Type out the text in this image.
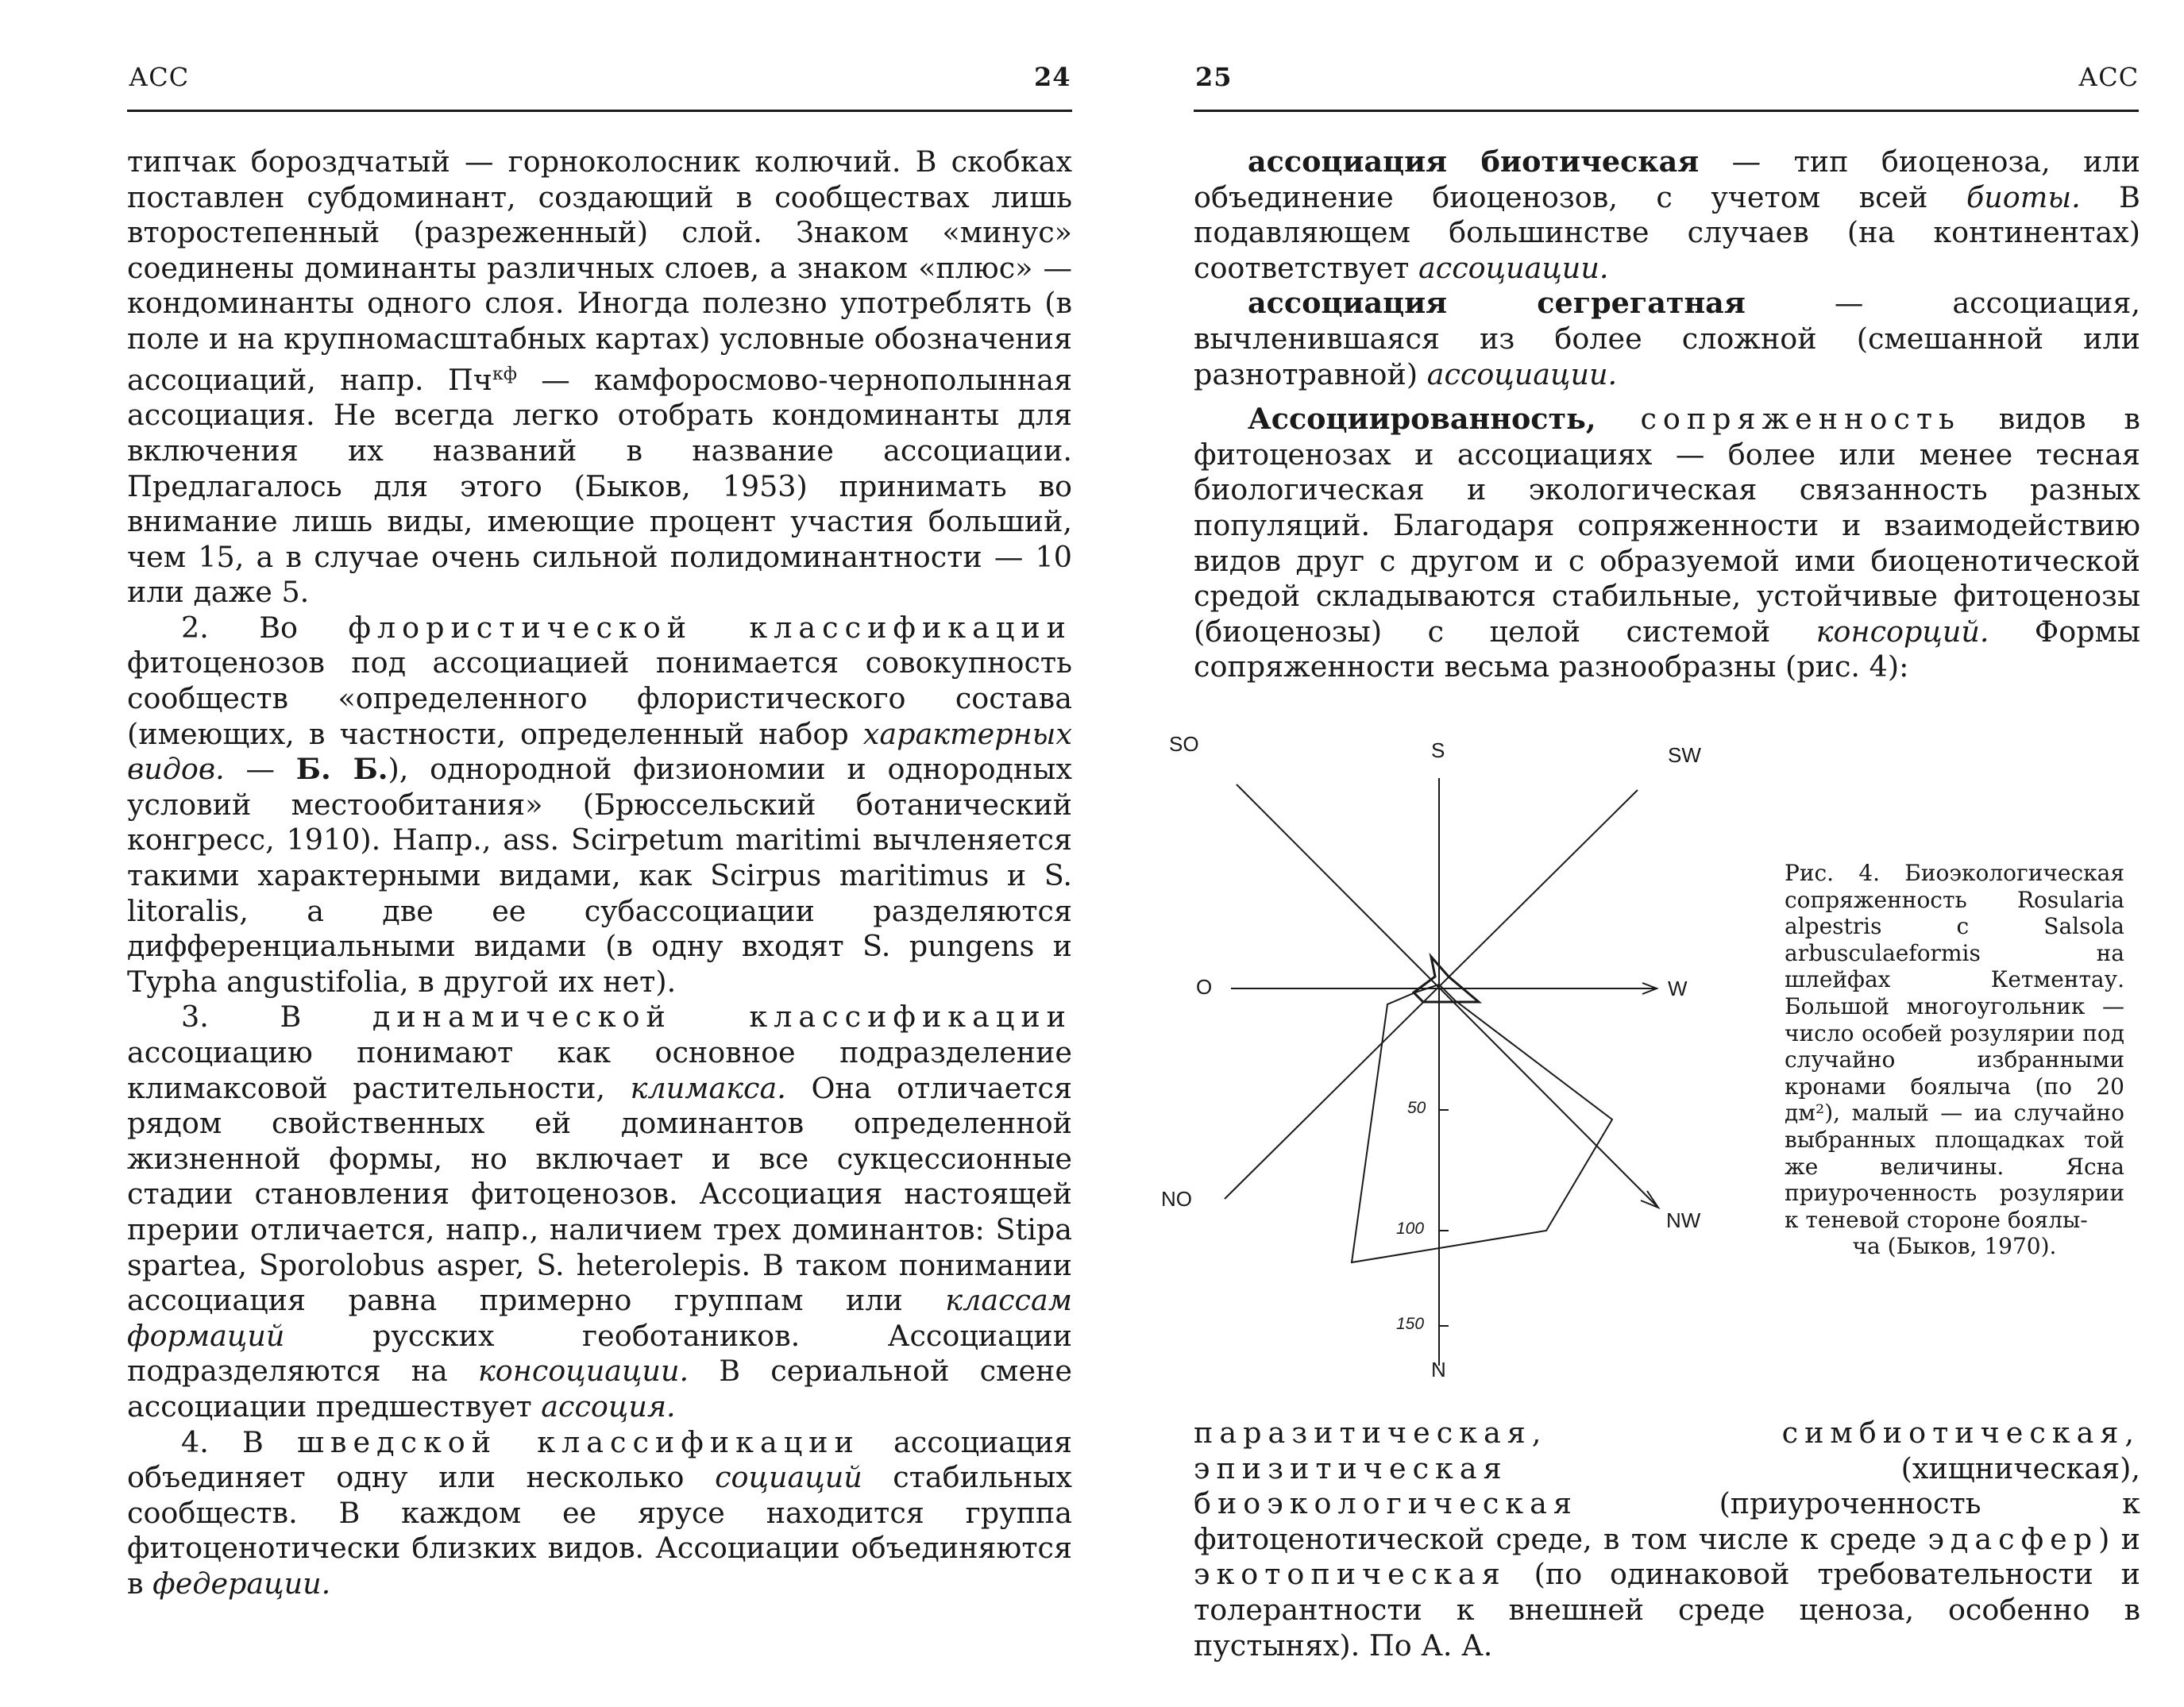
АСС	24

типчак бороздчатый — горноколосник колючий. В скобках поставлен субдоминант, создающий в сообществах лишь второстепенный (разреженный) слой. Знаком «минус» соединены доминанты различных слоев, а знаком «плюс» — кондоминанты одного слоя. Иногда полезно употреблять (в поле и на крупномасштабных картах) условные обозначения ассоциаций, напр. $Пч^{кф}$ — камфоросмово-чернополынная ассоциация. Не всегда легко отобрать кондоминанты для включения их названий в название ассоциации. Предлагалось для этого (Быков, 1953) принимать во внимание лишь виды, имеющие процент участия больший, чем 15, а в случае очень сильной полидоминантности — 10 или даже 5.

2. Во флористической классификации фитоценозов под ассоциацией понимается совокупность сообществ «определенного флористического состава (имеющих, в частности, определенный набор характерных видов. — Б. Б.), однородной физиономии и однородных условий местообитания» (Брюссельский ботанический конгресс, 1910). Напр., ass. Scirpetum maritimi вычленяется такими характерными видами, как Scirpus maritimus и S. litoralis, а две ее субассоциации разделяются дифференциальными видами (в одну входят S. pungens и Typha angustifolia, в другой их нет).

3. В динамической классификации ассоциацию понимают как основное подразделение климаксовой растительности, климакса. Она отличается рядом свойственных ей доминантов определенной жизненной формы, но включает и все сукцессионные стадии становления фитоценозов. Ассоциация настоящей прерии отличается, напр., наличием трех доминантов: Stipa spartea, Sporolobus asper, S. heterolepis. В таком понимании ассоциация равна примерно группам или классам формаций русских геоботаников. Ассоциации подразделяются на консоциации. В сериальной смене ассоциации предшествует ассоция.

4. В шведской классификации ассоциация объединяет одну или несколько социаций стабильных сообществ. В каждом ее ярусе находится группа фитоценотически близких видов. Ассоциации объединяются в федерации.

25	АСС

ассоциация биотическая — тип биоценоза, или объединение биоценозов, с учетом всей биоты. В подавляющем большинстве случаев (на континентах) соответствует ассоциации.

ассоциация сегрегатная — ассоциация, вычленившаяся из более сложной (смешанной или разнотравной) ассоциации.

Ассоциированность, сопряженность видов в фитоценозах и ассоциациях — более или менее тесная биологическая и экологическая связанность разных популяций. Благодаря сопряженности и взаимодействию видов друг с другом и с образуемой ими биоценотической средой складываются стабильные, устойчивые фитоценозы (биоценозы) с целой системой консорций. Формы сопряженности весьма разнообразны (рис. 4):

паразитическая, симбиотическая, эпизитическая (хищническая), биоэкологическая (приуроченность к фитоценотической среде, в том числе к среде эдасфер) и экотопическая (по одинаковой требовательности и толерантности к внешней среде ценоза, особенно в пустынях). По А. А.

SO	S	SW
O	W
NO
NW
N
50
100
150
Рис. 4. Биоэкологическая сопряженность Rosularia alpestris с Salsola arbusculaeformis на шлейфах Кетментау. Большой многоугольник — число особей розулярии под случайно избранными кронами боялыча (по 20 дм²), малый — иа случайно выбранных площадках той же величины. Ясна приуроченность розулярии к теневой стороне боялы-
ча (Быков, 1970).
